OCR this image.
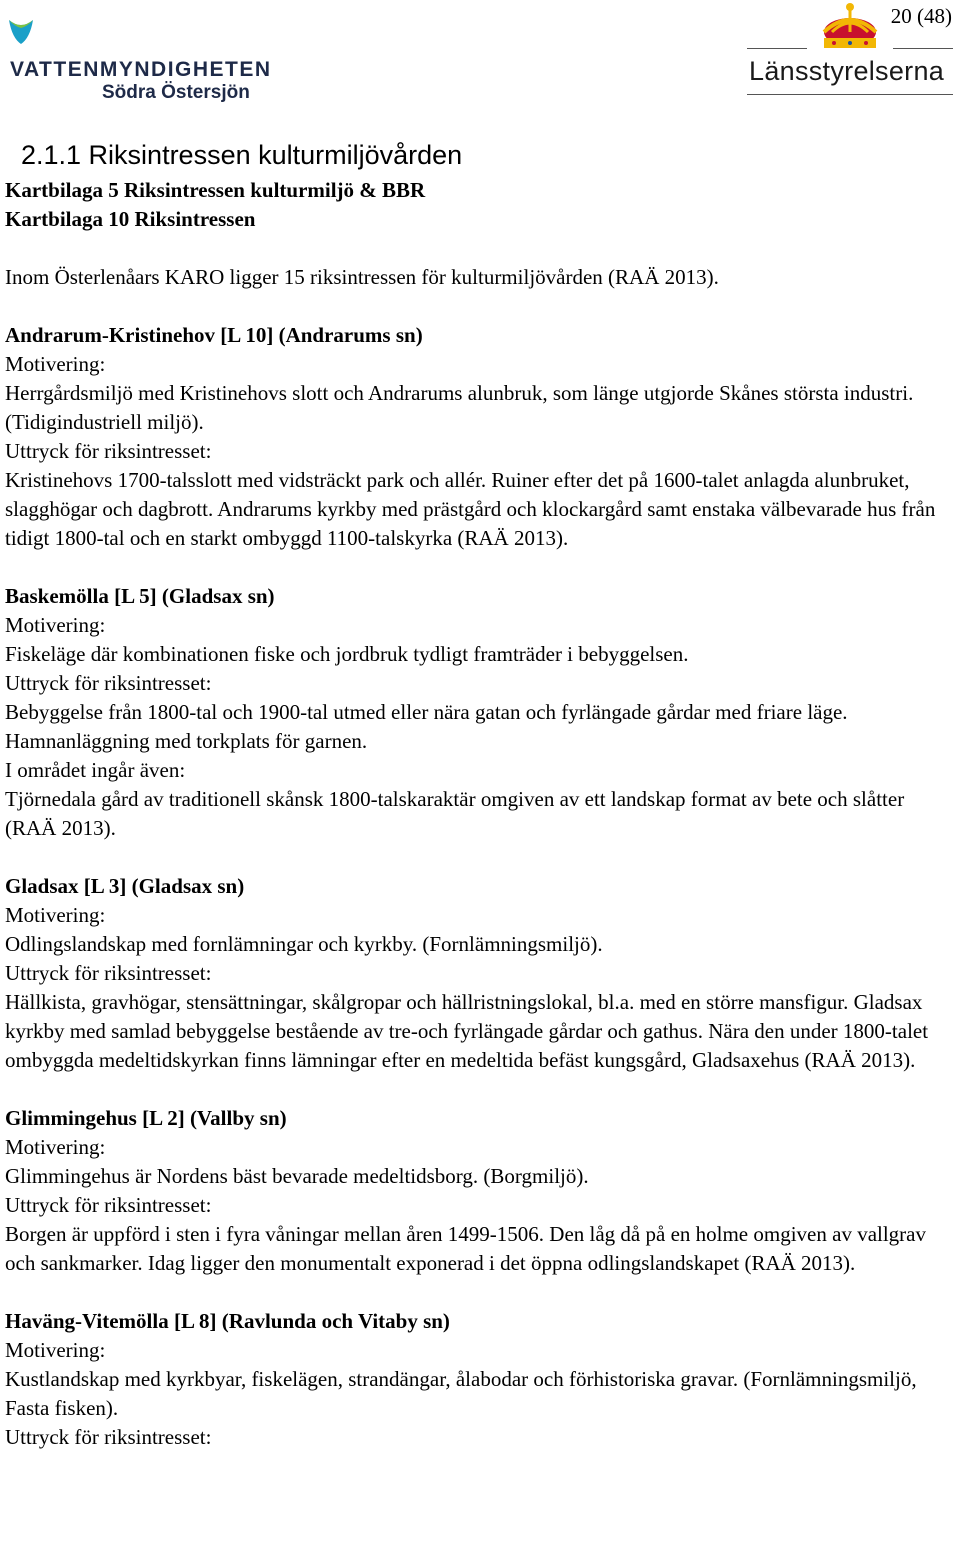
VATTENMYNDIGHETEN
Södra Östersjön
20 (48)
Länsstyrelserna
2.1.1 Riksintressen kulturmiljövården
Kartbilaga 5 Riksintressen kulturmiljö & BBR
Kartbilaga 10 Riksintressen

Inom Österlenåars KARO ligger 15 riksintressen för kulturmiljövården (RAÄ 2013).

Andrarum-Kristinehov [L 10] (Andrarums sn)
Motivering:

Herrgårdsmiljö med Kristinehovs slott och Andrarums alunbruk, som länge utgjorde Skånes största industri. (Tidigindustriell miljö).

Uttryck för riksintresset:

Kristinehovs 1700-talsslott med vidsträckt park och allér. Ruiner efter det på 1600-talet anlagda alunbruket, slagghögar och dagbrott. Andrarums kyrkby med prästgård och klockargård samt enstaka välbevarade hus från tidigt 1800-tal och en starkt ombyggd 1100-talskyrka (RAÄ 2013).

Baskemölla [L 5] (Gladsax sn)
Motivering:

Fiskeläge där kombinationen fiske och jordbruk tydligt framträder i bebyggelsen.

Uttryck för riksintresset:

Bebyggelse från 1800-tal och 1900-tal utmed eller nära gatan och fyrlängade gårdar med friare läge. Hamnanläggning med torkplats för garnen.

I området ingår även:

Tjörnedala gård av traditionell skånsk 1800-talskaraktär omgiven av ett landskap format av bete och slåtter (RAÄ 2013).

Gladsax [L 3] (Gladsax sn)
Motivering:

Odlingslandskap med fornlämningar och kyrkby. (Fornlämningsmiljö).

Uttryck för riksintresset:

Hällkista, gravhögar, stensättningar, skålgropar och hällristningslokal, bl.a. med en större mansfigur. Gladsax kyrkby med samlad bebyggelse bestående av tre-och fyrlängade gårdar och gathus. Nära den under 1800-talet ombyggda medeltidskyrkan finns lämningar efter en medeltida befäst kungsgård, Gladsaxehus (RAÄ 2013).

Glimmingehus [L 2] (Vallby sn)
Motivering:

Glimmingehus är Nordens bäst bevarade medeltidsborg. (Borgmiljö).

Uttryck för riksintresset:

Borgen är uppförd i sten i fyra våningar mellan åren 1499-1506. Den låg då på en holme omgiven av vallgrav och sankmarker. Idag ligger den monumentalt exponerad i det öppna odlingslandskapet (RAÄ 2013).

Haväng-Vitemölla [L 8] (Ravlunda och Vitaby sn)
Motivering:

Kustlandskap med kyrkbyar, fiskelägen, strandängar, ålabodar och förhistoriska gravar. (Fornlämningsmiljö, Fasta fisken).

Uttryck för riksintresset:
